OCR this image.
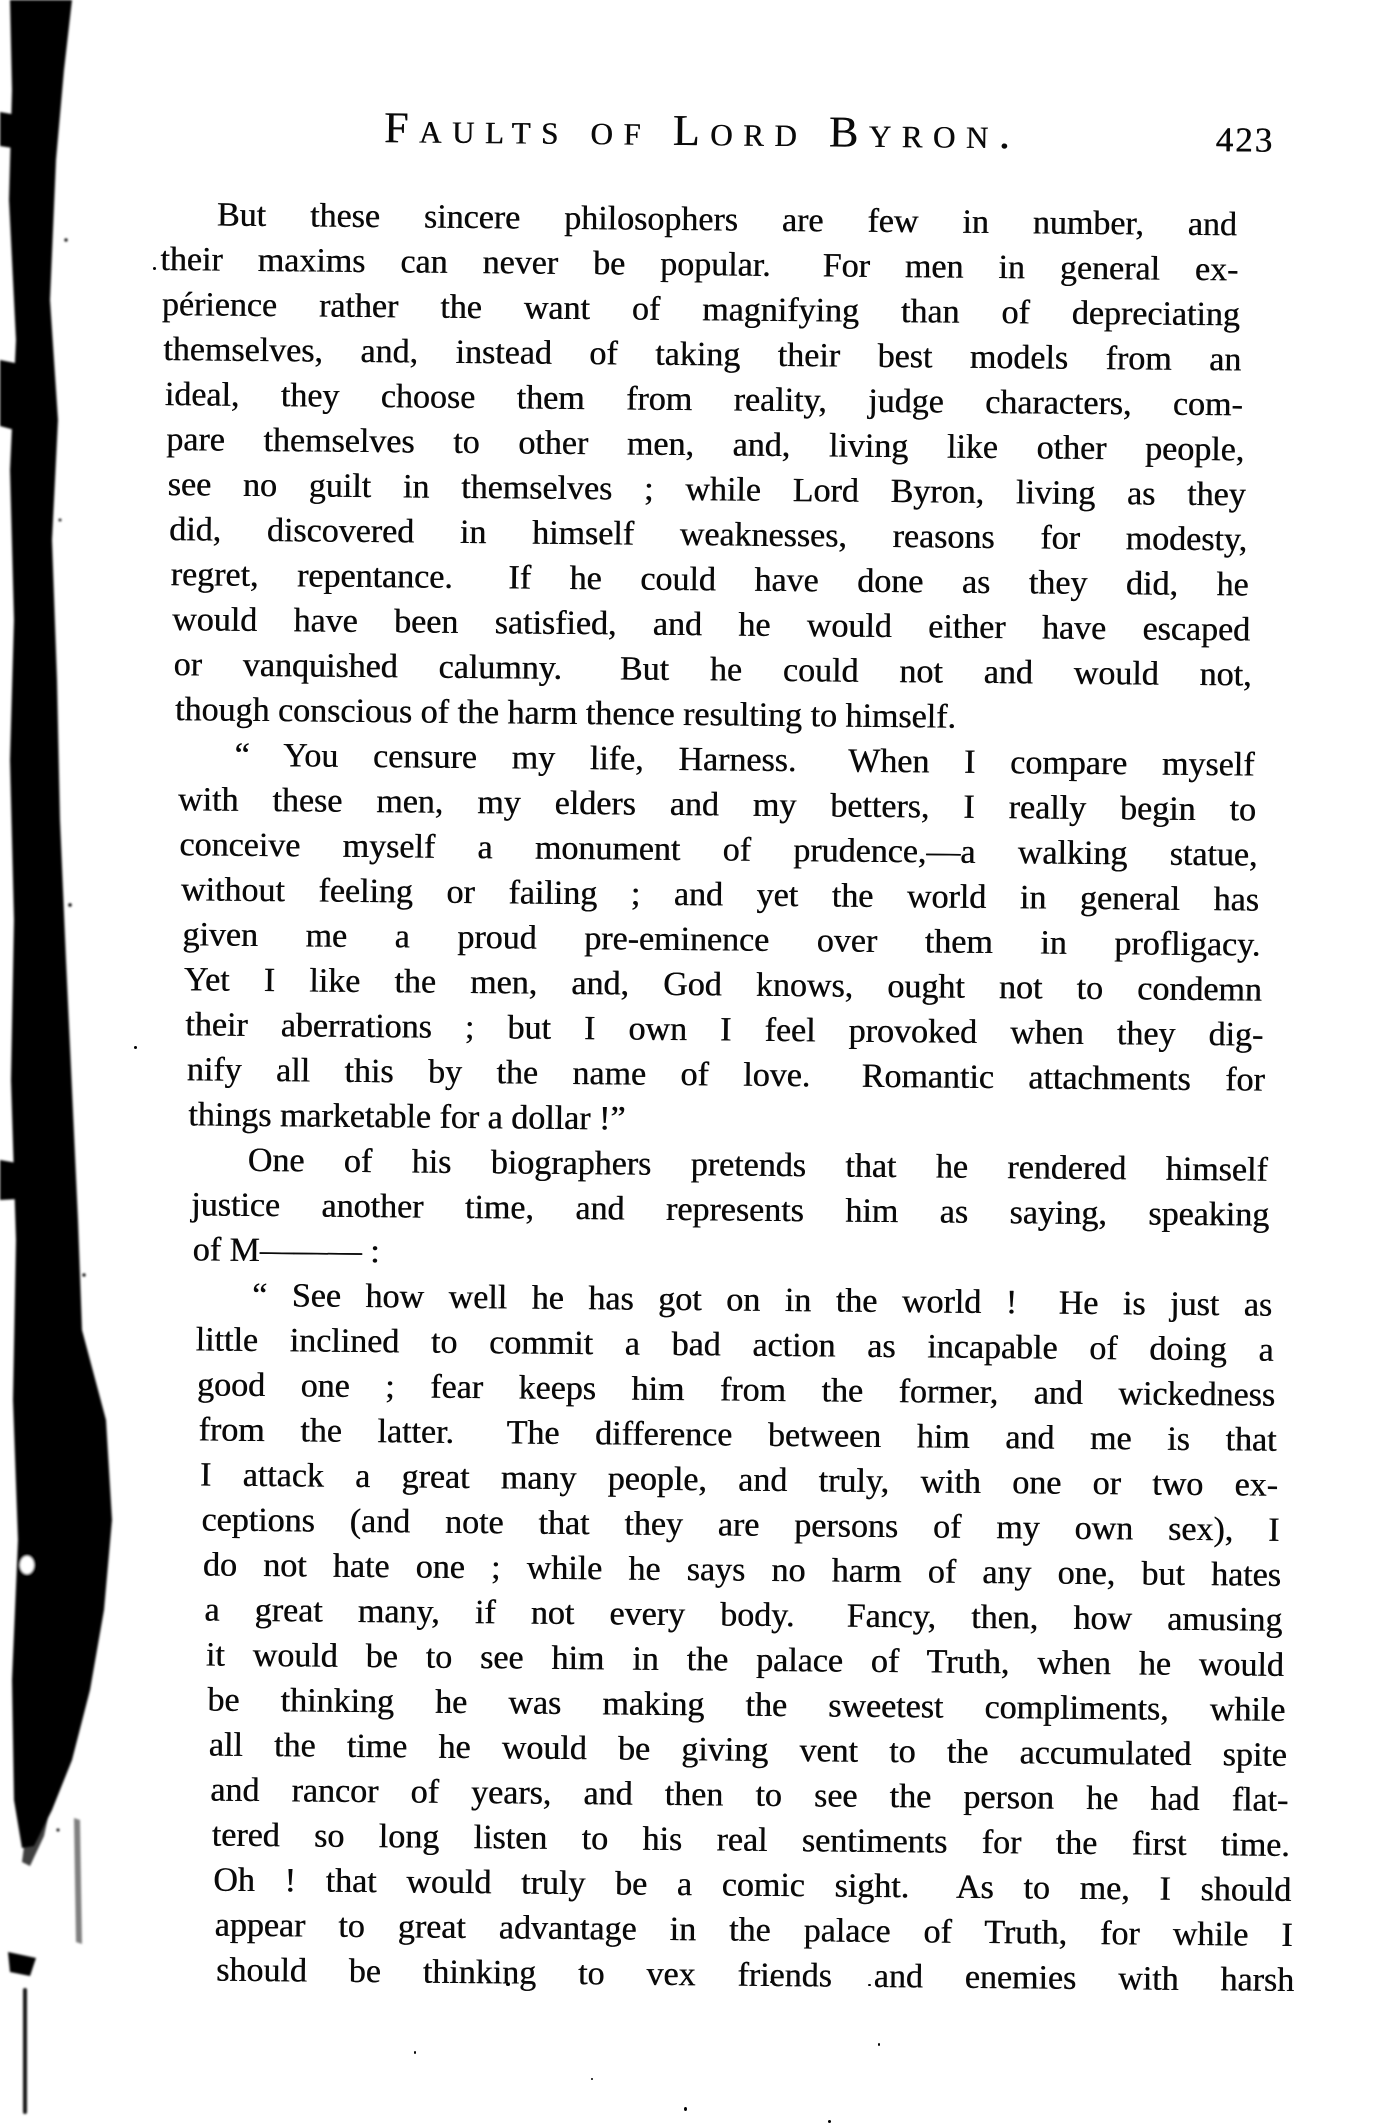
Faults of Lord Byron.	423
But these sincere philosophers are few in number, and
their maxims can never be popular.  For men in general ex-
périence rather the want of magnifying than of depreciating
themselves, and, instead of taking their best models from an
ideal, they choose them from reality, judge characters, com-
pare themselves to other men, and, living like other people,
see no guilt in themselves ; while Lord Byron, living as they
did, discovered in himself weaknesses, reasons for modesty,
regret, repentance.  If he could have done as they did, he
would have been satisfied, and he would either have escaped
or vanquished calumny.  But he could not and would not,
though conscious of the harm thence resulting to himself.
“ You censure my life, Harness.  When I compare myself
with these men, my elders and my betters, I really begin to
conceive myself a monument of prudence,—a walking statue,
without feeling or failing ; and yet the world in general has
given me a proud pre-eminence over them in profligacy.
Yet I like the men, and, God knows, ought not to condemn
their aberrations ; but I own I feel provoked when they dig-
nify all this by the name of love.  Romantic attachments for
things marketable for a dollar !”
One of his biographers pretends that he rendered himself
justice another time, and represents him as saying, speaking
of M——— :
“ See how well he has got on in the world !  He is just as
little inclined to commit a bad action as incapable of doing a
good one ; fear keeps him from the former, and wickedness
from the latter.  The difference between him and me is that
I attack a great many people, and truly, with one or two ex-
ceptions (and note that they are persons of my own sex), I
do not hate one ; while he says no harm of any one, but hates
a great many, if not every body.  Fancy, then, how amusing
it would be to see him in the palace of Truth, when he would
be thinking he was making the sweetest compliments, while
all the time he would be giving vent to the accumulated spite
and rancor of years, and then to see the person he had flat-
tered so long listen to his real sentiments for the first time.
Oh ! that would truly be a comic sight.  As to me, I should
appear to great advantage in the palace of Truth, for while I
should be thinking to vex friends and enemies with harsh
